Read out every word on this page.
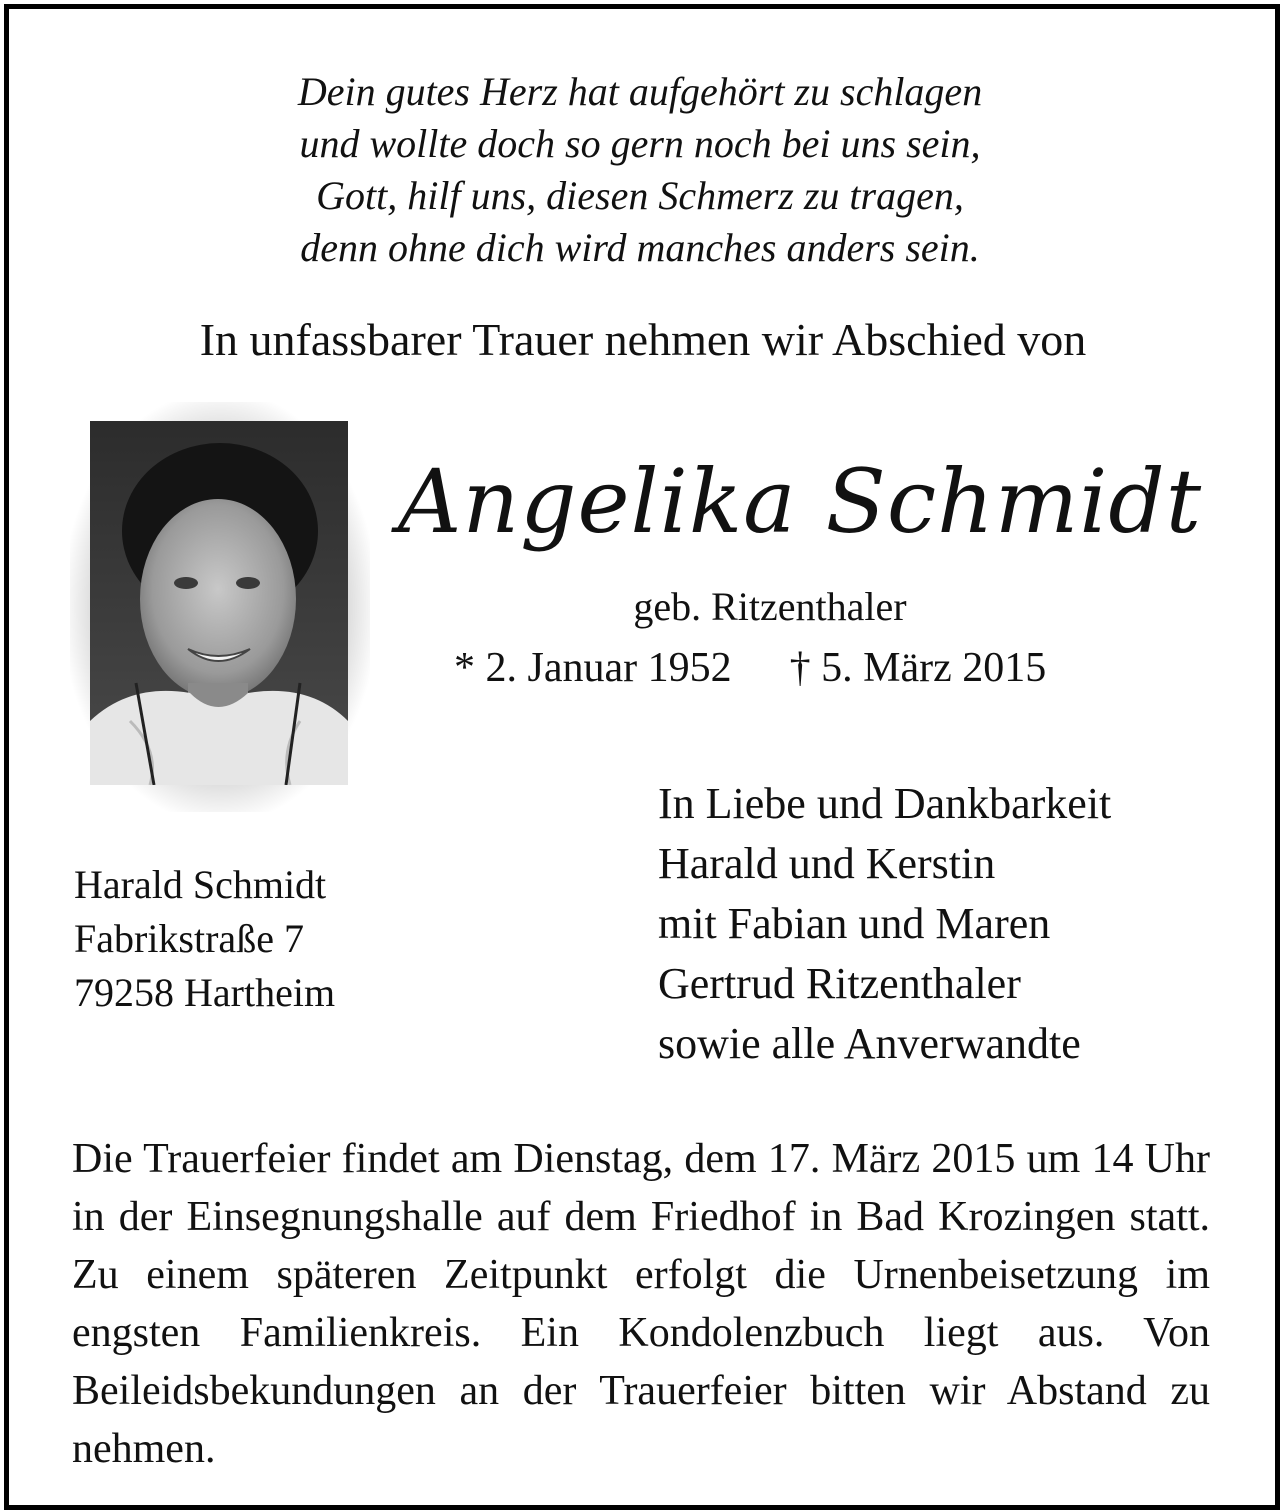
Dein gutes Herz hat aufgehört zu schlagen
und wollte doch so gern noch bei uns sein,
Gott, hilf uns, diesen Schmerz zu tragen,
denn ohne dich wird manches anders sein.
In unfassbarer Trauer nehmen wir Abschied von
Angelika Schmidt
geb. Ritzenthaler
* 2. Januar 1952 † 5. März 2015
In Liebe und Dankbarkeit
Harald und Kerstin
mit Fabian und Maren
Gertrud Ritzenthaler
sowie alle Anverwandte
Harald Schmidt
Fabrikstraße 7
79258 Hartheim
Die Trauerfeier findet am Dienstag, dem 17. März 2015 um 14 Uhr in der Einsegnungshalle auf dem Friedhof in Bad Krozingen statt. Zu einem späteren Zeitpunkt erfolgt die Urnenbeisetzung im engsten Familienkreis. Ein Kondolenzbuch liegt aus. Von Beileidsbekundungen an der Trauerfeier bitten wir Abstand zu nehmen.
